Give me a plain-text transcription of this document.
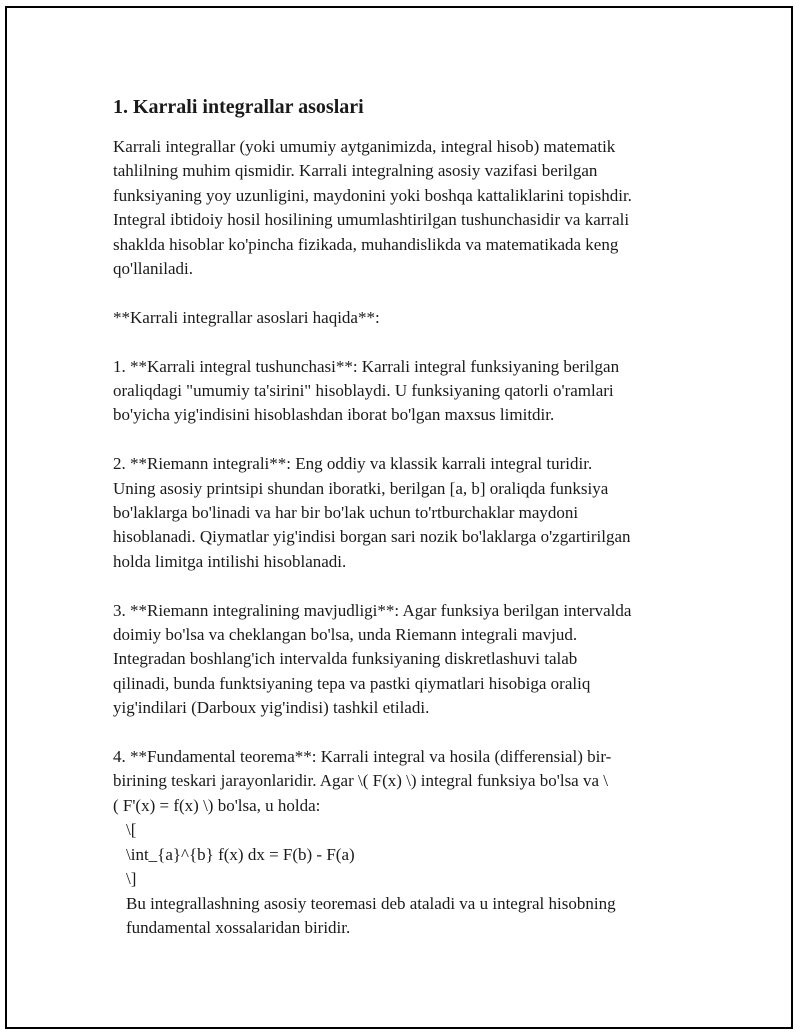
1. Karrali integrallar asoslari

Karrali integrallar (yoki umumiy aytganimizda, integral hisob) matematik
tahlilning muhim qismidir. Karrali integralning asosiy vazifasi berilgan
funksiyaning yoy uzunligini, maydonini yoki boshqa kattaliklarini topishdir.
Integral ibtidoiy hosil hosilining umumlashtirilgan tushunchasidir va karrali
shaklda hisoblar ko'pincha fizikada, muhandislikda va matematikada keng
qo'llaniladi.

**Karrali integrallar asoslari haqida**:

1. **Karrali integral tushunchasi**: Karrali integral funksiyaning berilgan
oraliqdagi "umumiy ta'sirini" hisoblaydi. U funksiyaning qatorli o'ramlari
bo'yicha yig'indisini hisoblashdan iborat bo'lgan maxsus limitdir.

2. **Riemann integrali**: Eng oddiy va klassik karrali integral turidir.
Uning asosiy printsipi shundan iboratki, berilgan [a, b] oraliqda funksiya
bo'laklarga bo'linadi va har bir bo'lak uchun to'rtburchaklar maydoni
hisoblanadi. Qiymatlar yig'indisi borgan sari nozik bo'laklarga o'zgartirilgan
holda limitga intilishi hisoblanadi.

3. **Riemann integralining mavjudligi**: Agar funksiya berilgan intervalda
doimiy bo'lsa va cheklangan bo'lsa, unda Riemann integrali mavjud.
Integradan boshlang'ich intervalda funksiyaning diskretlashuvi talab
qilinadi, bunda funktsiyaning tepa va pastki qiymatlari hisobiga oraliq
yig'indilari (Darboux yig'indisi) tashkil etiladi.

4. **Fundamental teorema**: Karrali integral va hosila (differensial) bir-
birining teskari jarayonlaridir. Agar \( F(x) \) integral funksiya bo'lsa va \
( F'(x) = f(x) \) bo'lsa, u holda:

\[

\int_{a}^{b} f(x) dx = F(b) - F(a)

\]

Bu integrallashning asosiy teoremasi deb ataladi va u integral hisobning
fundamental xossalaridan biridir.
